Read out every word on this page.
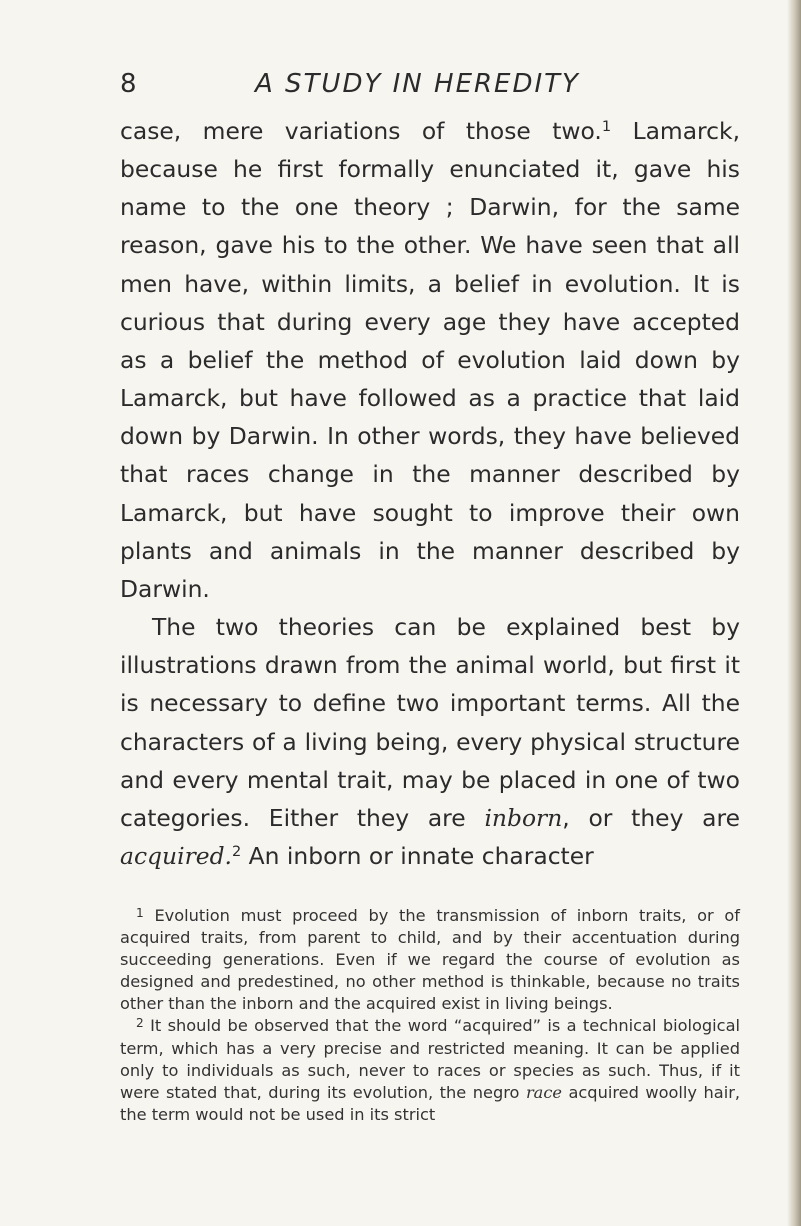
8	A STUDY IN HEREDITY

case, mere variations of those two.$^1$ Lamarck, because he first formally enunciated it, gave his name to the one theory ; Darwin, for the same reason, gave his to the other. We have seen that all men have, within limits, a belief in evolution. It is curious that during every age they have accepted as a belief the method of evolution laid down by Lamarck, but have followed as a practice that laid down by Darwin. In other words, they have believed that races change in the manner described by Lamarck, but have sought to improve their own plants and animals in the manner described by Darwin.

The two theories can be explained best by illustrations drawn from the animal world, but first it is necessary to define two important terms. All the characters of a living being, every physical structure and every mental trait, may be placed in one of two categories. Either they are inborn, or they are acquired.$^2$ An inborn or innate character

$^1$ Evolution must proceed by the transmission of inborn traits, or of acquired traits, from parent to child, and by their accentuation during succeeding generations. Even if we regard the course of evolution as designed and predestined, no other method is thinkable, because no traits other than the inborn and the acquired exist in living beings.

$^2$ It should be observed that the word “acquired” is a technical biological term, which has a very precise and restricted meaning. It can be applied only to individuals as such, never to races or species as such. Thus, if it were stated that, during its evolution, the negro race acquired woolly hair, the term would not be used in its strict
